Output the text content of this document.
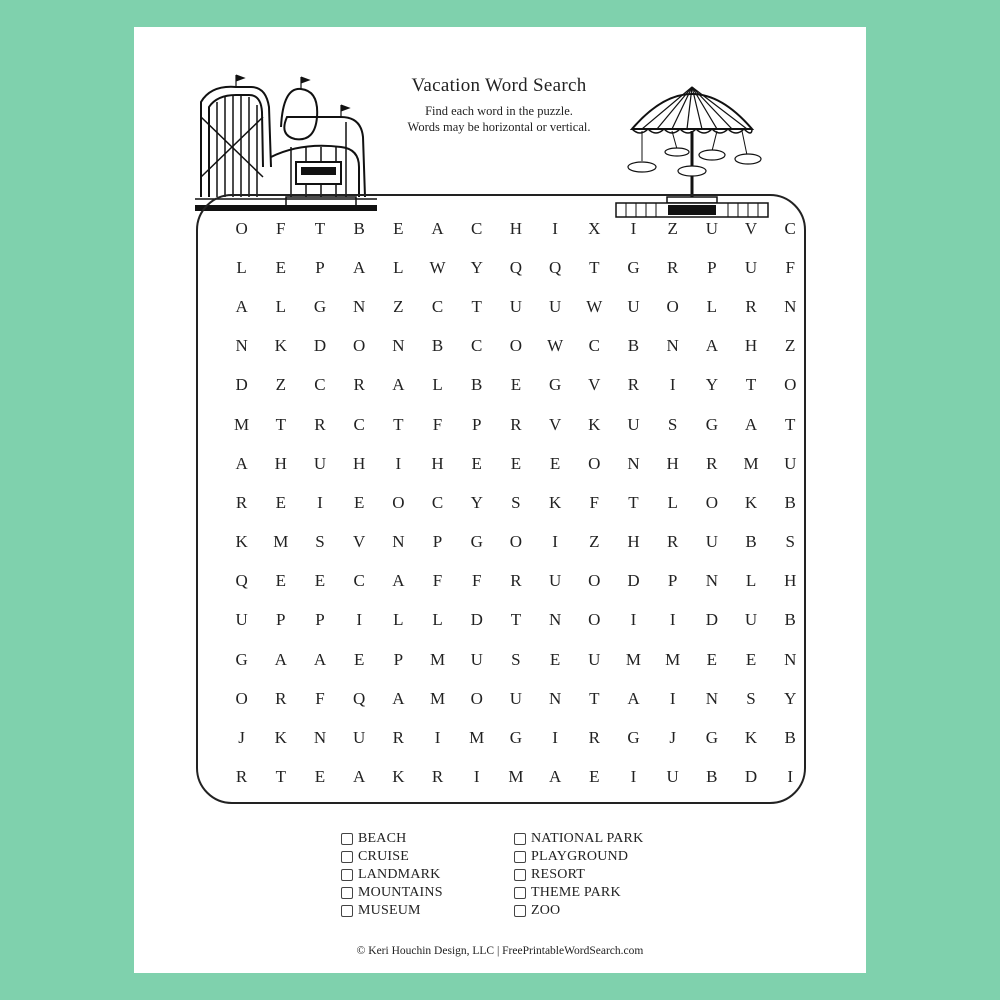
Vacation Word Search

Find each word in the puzzle.

Words may be horizontal or vertical.

O	F	T	B	E	A	C	H	I	X	I	Z	U	V	C
L	E	P	A	L	W	Y	Q	Q	T	G	R	P	U	F
A	L	G	N	Z	C	T	U	U	W	U	O	L	R	N
N	K	D	O	N	B	C	O	W	C	B	N	A	H	Z
D	Z	C	R	A	L	B	E	G	V	R	I	Y	T	O
M	T	R	C	T	F	P	R	V	K	U	S	G	A	T
A	H	U	H	I	H	E	E	E	O	N	H	R	M	U
R	E	I	E	O	C	Y	S	K	F	T	L	O	K	B
K	M	S	V	N	P	G	O	I	Z	H	R	U	B	S
Q	E	E	C	A	F	F	R	U	O	D	P	N	L	H
U	P	P	I	L	L	D	T	N	O	I	I	D	U	B
G	A	A	E	P	M	U	S	E	U	M	M	E	E	N
O	R	F	Q	A	M	O	U	N	T	A	I	N	S	Y
J	K	N	U	R	I	M	G	I	R	G	J	G	K	B
R	T	E	A	K	R	I	M	A	E	I	U	B	D	I
BEACH
CRUISE
LANDMARK
MOUNTAINS
MUSEUM
NATIONAL PARK
PLAYGROUND
RESORT
THEME PARK
ZOO
© Keri Houchin Design, LLC | FreePrintableWordSearch.com
